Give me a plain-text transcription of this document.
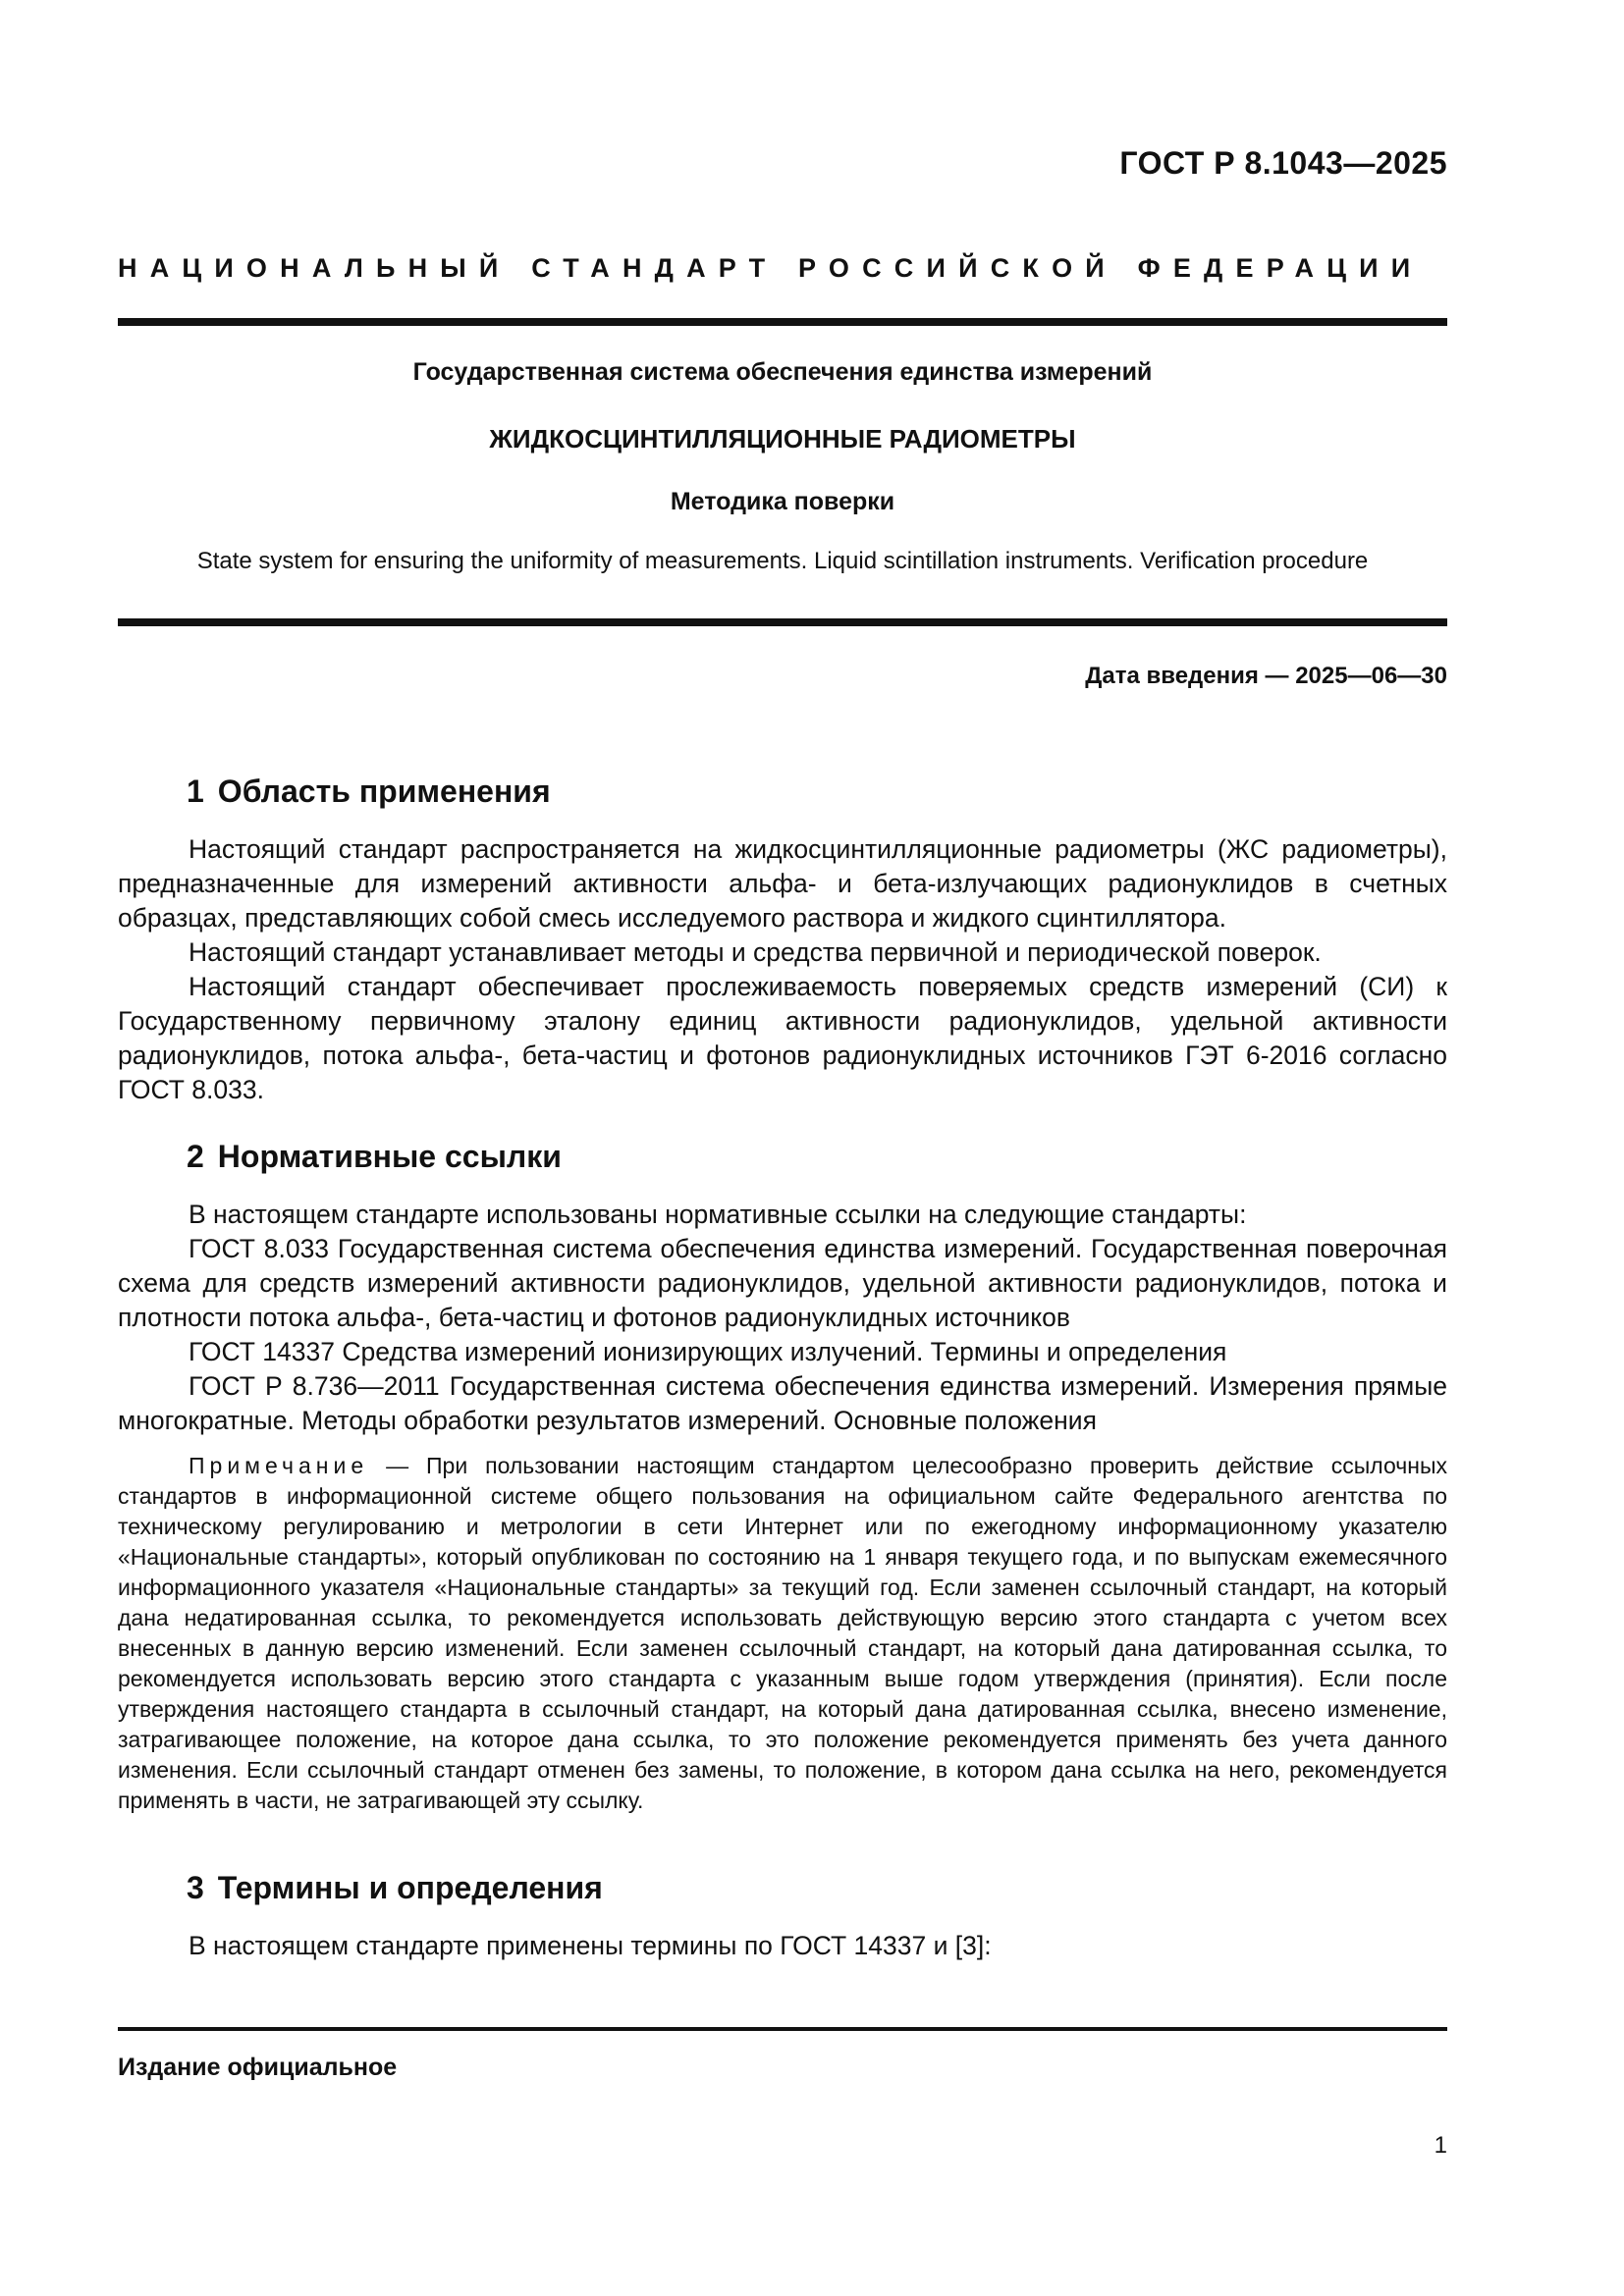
ГОСТ Р 8.1043—2025
НАЦИОНАЛЬНЫЙ СТАНДАРТ РОССИЙСКОЙ ФЕДЕРАЦИИ
Государственная система обеспечения единства измерений
ЖИДКОСЦИНТИЛЛЯЦИОННЫЕ РАДИОМЕТРЫ
Методика поверки
State system for ensuring the uniformity of measurements. Liquid scintillation instruments. Verification procedure
Дата введения — 2025—06—30
1 Область применения

Настоящий стандарт распространяется на жидкосцинтилляционные радиометры (ЖС радиометры), предназначенные для измерений активности альфа- и бета-излучающих радионуклидов в счетных образцах, представляющих собой смесь исследуемого раствора и жидкого сцинтиллятора.

Настоящий стандарт устанавливает методы и средства первичной и периодической поверок.

Настоящий стандарт обеспечивает прослеживаемость поверяемых средств измерений (СИ) к Государственному первичному эталону единиц активности радионуклидов, удельной активности радионуклидов, потока альфа-, бета-частиц и фотонов радионуклидных источников ГЭТ 6-2016 согласно ГОСТ 8.033.

2 Нормативные ссылки

В настоящем стандарте использованы нормативные ссылки на следующие стандарты:

ГОСТ 8.033 Государственная система обеспечения единства измерений. Государственная поверочная схема для средств измерений активности радионуклидов, удельной активности радионуклидов, потока и плотности потока альфа-, бета-частиц и фотонов радионуклидных источников

ГОСТ 14337 Средства измерений ионизирующих излучений. Термины и определения

ГОСТ Р 8.736—2011 Государственная система обеспечения единства измерений. Измерения прямые многократные. Методы обработки результатов измерений. Основные положения

Примечание — При пользовании настоящим стандартом целесообразно проверить действие ссылочных стандартов в информационной системе общего пользования на официальном сайте Федерального агентства по техническому регулированию и метрологии в сети Интернет или по ежегодному информационному указателю «Национальные стандарты», который опубликован по состоянию на 1 января текущего года, и по выпускам ежемесячного информационного указателя «Национальные стандарты» за текущий год. Если заменен ссылочный стандарт, на который дана недатированная ссылка, то рекомендуется использовать действующую версию этого стандарта с учетом всех внесенных в данную версию изменений. Если заменен ссылочный стандарт, на который дана датированная ссылка, то рекомендуется использовать версию этого стандарта с указанным выше годом утверждения (принятия). Если после утверждения настоящего стандарта в ссылочный стандарт, на который дана датированная ссылка, внесено изменение, затрагивающее положение, на которое дана ссылка, то это положение рекомендуется применять без учета данного изменения. Если ссылочный стандарт отменен без замены, то положение, в котором дана ссылка на него, рекомендуется применять в части, не затрагивающей эту ссылку.

3 Термины и определения

В настоящем стандарте применены термины по ГОСТ 14337 и [3]:

Издание официальное
1
